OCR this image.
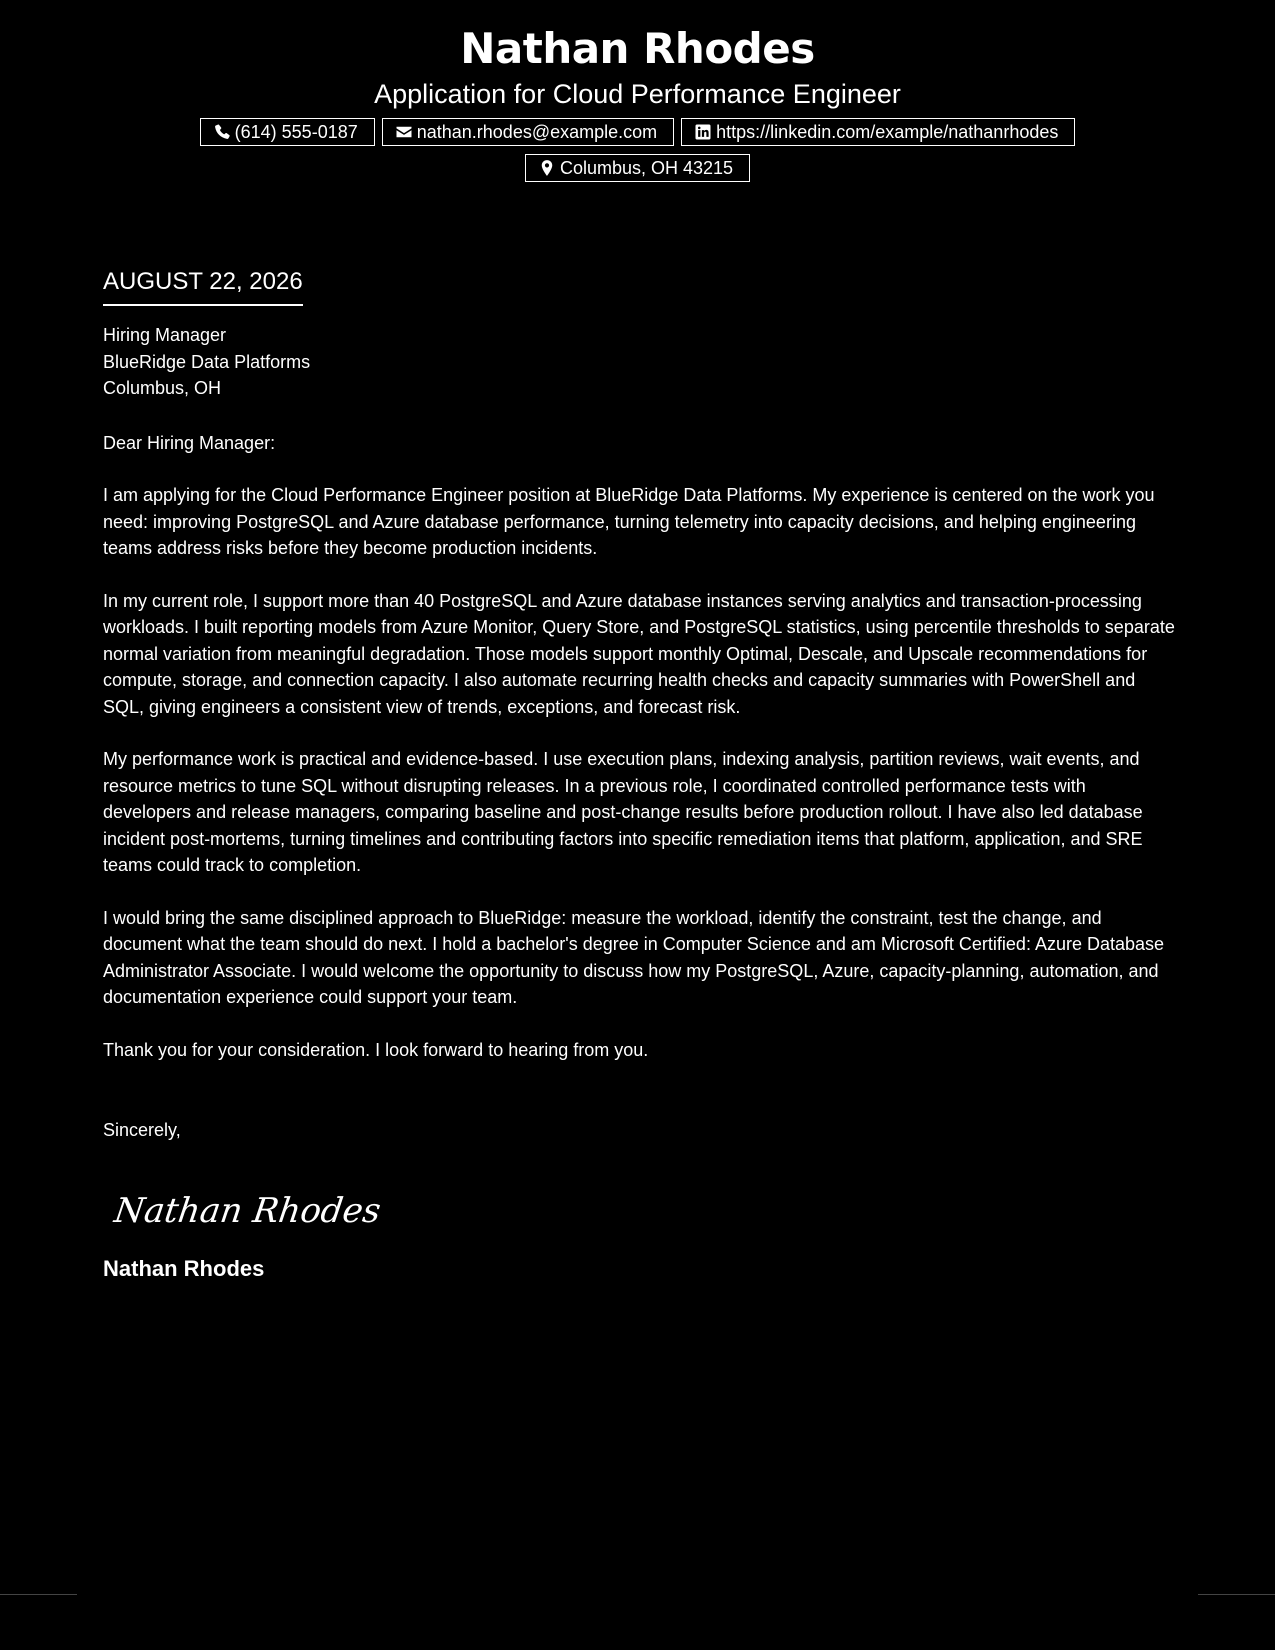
Nathan Rhodes
Application for Cloud Performance Engineer
(614) 555-0187	nathan.rhodes@example.com	https://linkedin.com/example/nathanrhodes
Columbus, OH 43215
AUGUST 22, 2026
Hiring Manager
BlueRidge Data Platforms
Columbus, OH
Dear Hiring Manager:

I am applying for the Cloud Performance Engineer position at BlueRidge Data Platforms. My experience is centered on the work you need: improving PostgreSQL and Azure database performance, turning telemetry into capacity decisions, and helping engineering teams address risks before they become production incidents.

In my current role, I support more than 40 PostgreSQL and Azure database instances serving analytics and transaction-processing workloads. I built reporting models from Azure Monitor, Query Store, and PostgreSQL statistics, using percentile thresholds to separate normal variation from meaningful degradation. Those models support monthly Optimal, Descale, and Upscale recommendations for compute, storage, and connection capacity. I also automate recurring health checks and capacity summaries with PowerShell and SQL, giving engineers a consistent view of trends, exceptions, and forecast risk.

My performance work is practical and evidence-based. I use execution plans, indexing analysis, partition reviews, wait events, and resource metrics to tune SQL without disrupting releases. In a previous role, I coordinated controlled performance tests with developers and release managers, comparing baseline and post-change results before production rollout. I have also led database incident post-mortems, turning timelines and contributing factors into specific remediation items that platform, application, and SRE teams could track to completion.

I would bring the same disciplined approach to BlueRidge: measure the workload, identify the constraint, test the change, and document what the team should do next. I hold a bachelor's degree in Computer Science and am Microsoft Certified: Azure Database Administrator Associate. I would welcome the opportunity to discuss how my PostgreSQL, Azure, capacity-planning, automation, and documentation experience could support your team.

Thank you for your consideration. I look forward to hearing from you.

Sincerely,
Nathan Rhodes
Nathan Rhodes
